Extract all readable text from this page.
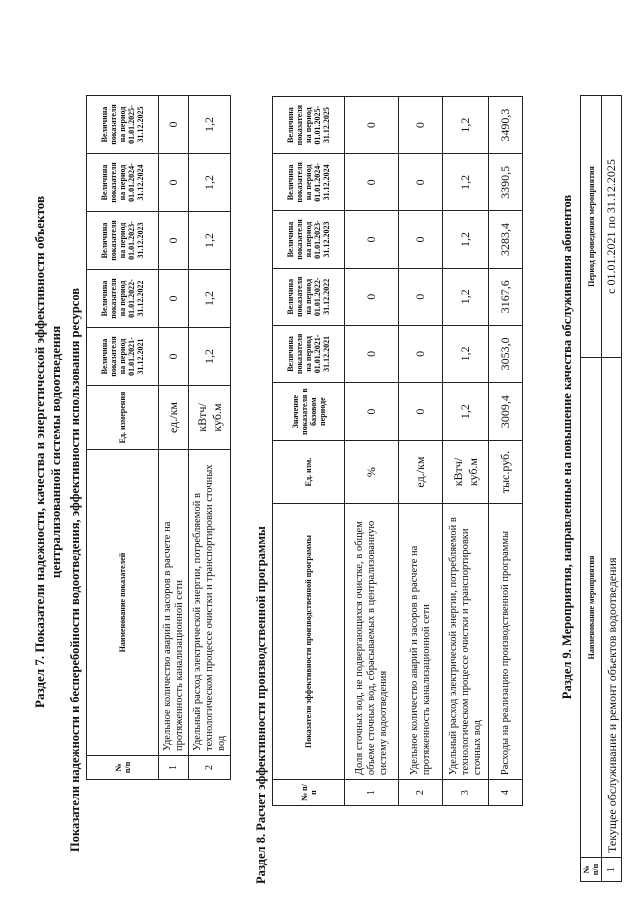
Раздел 7. Показатели надежности, качества и энергетической эффективности объектов централизованной системы водоотведения Показатели надежности и бесперебойности водоотведения, эффективности использования ресурсов	№ п/п	Наименование показателей	Ед. измерения	Величина показателя на период 01.01.2021-31.12.2021	Величина показателя на период 01.01.2022-31.12.2022	Величина показателя на период 01.01.2023-31.12.2023	Величина показателя на период 01.01.2024-31.12.2024	Величина показателя на период 01.01.2025-31.12.2025
1	Удельное количество аварий и засоров в расчете на протяженность канализационной сети	ед./км	0	0	0	0	0
2	Удельный расход электрической энергии, потребляемой в технологическом процессе очистки и транспортировки сточных вод	кВтч/куб.м	1,2	1,2	1,2	1,2	1,2
Раздел 8. Расчет эффективности производственной программы	№ п/п	Показатели эффективности производственной программы	Ед. изм.	Значение показателя в базовом периоде	Величина показателя на период 01.01.2021-31.12.2021	Величина показателя на период 01.01.2022-31.12.2022	Величина показателя на период 01.01.2023-31.12.2023	Величина показателя на период 01.01.2024-31.12.2024	Величина показателя на период 01.01.2025-31.12.2025
1	Доля сточных вод, не подвергающихся очистке, в общем объеме сточных вод, сбрасываемых в централизованную систему водоотведения	%	0	0	0	0	0	0
2	Удельное количество аварий и засоров в расчете на протяженность канализационной сети	ед./км	0	0	0	0	0	0
3	Удельный расход электрической энергии, потребляемой в технологическом процессе очистки и транспортировки сточных вод	кВтч/куб.м	1,2	1,2	1,2	1,2	1,2	1,2
4	Расходы на реализацию производственной программы	тыс.руб.	3009,4	3053,0	3167,6	3283,4	3390,5	3490,3
Раздел 9. Мероприятия, направленные на повышение качества обслуживания абонентов
№ п/п	Наименование мероприятия	Период проведения мероприятия
1	Текущее обслуживание и ремонт объектов водоотведения	с 01.01.2021 по 31.12.2025
